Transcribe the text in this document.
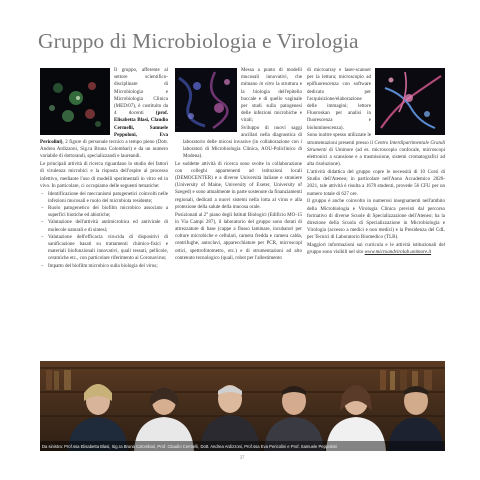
Gruppo di Microbiologia e Virologia

Il gruppo, afferente al settore scientifico-disciplinare di Microbiologia e Microbiologia Clinica (MED/07), è costituito da 4 docenti (prof. Elisabetta Blasi, Claudio Cermelli, Samuele Peppoloni, Eva Pericolini), 2 figure di personale tecnico a tempo pieno (Dott. Andrea Ardizzoni, Sig.ra Bruna Colombari) e da un numero variabile di dottorandi, specializzandi e laureandi.

Le principali attività di ricerca riguardano lo studio dei fattori di virulenza microbici e la risposta dell'ospite al processo infettivo, mediante l'uso di modelli sperimentali in vitro ed in vivo. In particolare, ci occupiamo delle seguenti tematiche:

– Identificazione dei meccanismi patogenetici coinvolti nelle infezioni mucosali e ruolo del microbiota residente;
– Ruolo patogenetico dei biofilm microbico associato a superfici biotiche ed abiotiche;
– Valutazione dell'attività antimicrobica ed antivirale di molecole naturali e di sintesi;
– Valutazione dell'efficacia virucida di dispositivi di sanificazione basati su trattamenti chimico-fisici e materiali biofunzionali innovativi, quali tessuti, pellicole, ceramiche etc., con particolare riferimento ai Coronavirus;
– Impatto del biofilm microbico sulla biologia dei virus;
– Messa a punto di modelli mucosali innovativi, che mimano in vitro la struttura e la biologia dell'epitelio buccale e di quello vaginale per studi sulla patogenesi delle infezioni microbiche e virali;
– Sviluppo di nuovi saggi ancillari nella diagnostica di laboratorio delle micosi invasive (in collaborazione con i laboratori di Microbiologia Clinica, AOU-Policlinico di Modena).

Le suddette attività di ricerca sono svolte in collaborazione con colleghi appartenenti ad istituzioni locali (DEMOCENTER) e a diverse Università italiane e straniere (University of Maine, University of Exeter, University of Szeged) e sono attualmente in parte sostenute da finanziamenti regionali, dedicati a nuovi sistemi nella lotta al virus e alla protezione della salute della mucosa orale.

Posizionati al 2° piano degli Istituti Biologici (Edificio MO-15 in Via Campi 287), il laboratorio del gruppo sono dotati di attrezzature di base (cappe a flusso laminare, incubatori per colture microbiche e cellulari, camera fredda e camera calda, centrifughe, autoclavi, apparecchiature per PCR, microscopi ottici, spettrofotometro, etc.) e di strumentazioni ad alto contenuto tecnologico (quali, robot per l'allestimento

di microarray e laser-scanner per la lettura; microscopio ad epifluorescenza con software dedicato per l'acquisizione/elaborazione delle immagini; lettore Fluoroskan per analisi in fluorescenza e bioluminescenza).

Sono inoltre spesso utilizzate le strumentazioni presenti presso il Centro Interdipartimentale Grandi Strumenti di Unimore (ad es. microscopio confocale, microscopi elettronici a scansione e a trasmissione, sistemi cromatografici ad alta risoluzione).

L'attività didattica del gruppo copre le necessità di 10 Corsi di Studio dell'Ateneo; in particolare nell'Anno Accademico 2020-2021, tale attività è risulta a 1678 studenti, provede 56 CFU per un numero totale di 627 ore.

Il gruppo è anche coinvolto in numerosi insegnamenti nell'ambito della Microbiologia e Virologia Clinica previsti dal percorso formativo di diverse Scuole di Specializzazione dell'Ateneo; ha la direzione della Scuola di Specializzazione in Microbiologia e Virologia (accesso a medici e non medici) e la Presidenza del CdL per Tecnici di Laboratorio Biomedico (TLB).

Maggiori informazioni sui curricula e le attività istituzionali del gruppo sono visibili nel sito www.microandvirolab.unimore.it

Da sinistra: Prof.ssa Elisabetta Blasi, Sig.ra Bruna Colombari, Prof. Claudio Cermelli, Dott. Andrea Ardizzoni, Prof.ssa Eva Pericolini e Prof. Samuele Peppoloni
37
